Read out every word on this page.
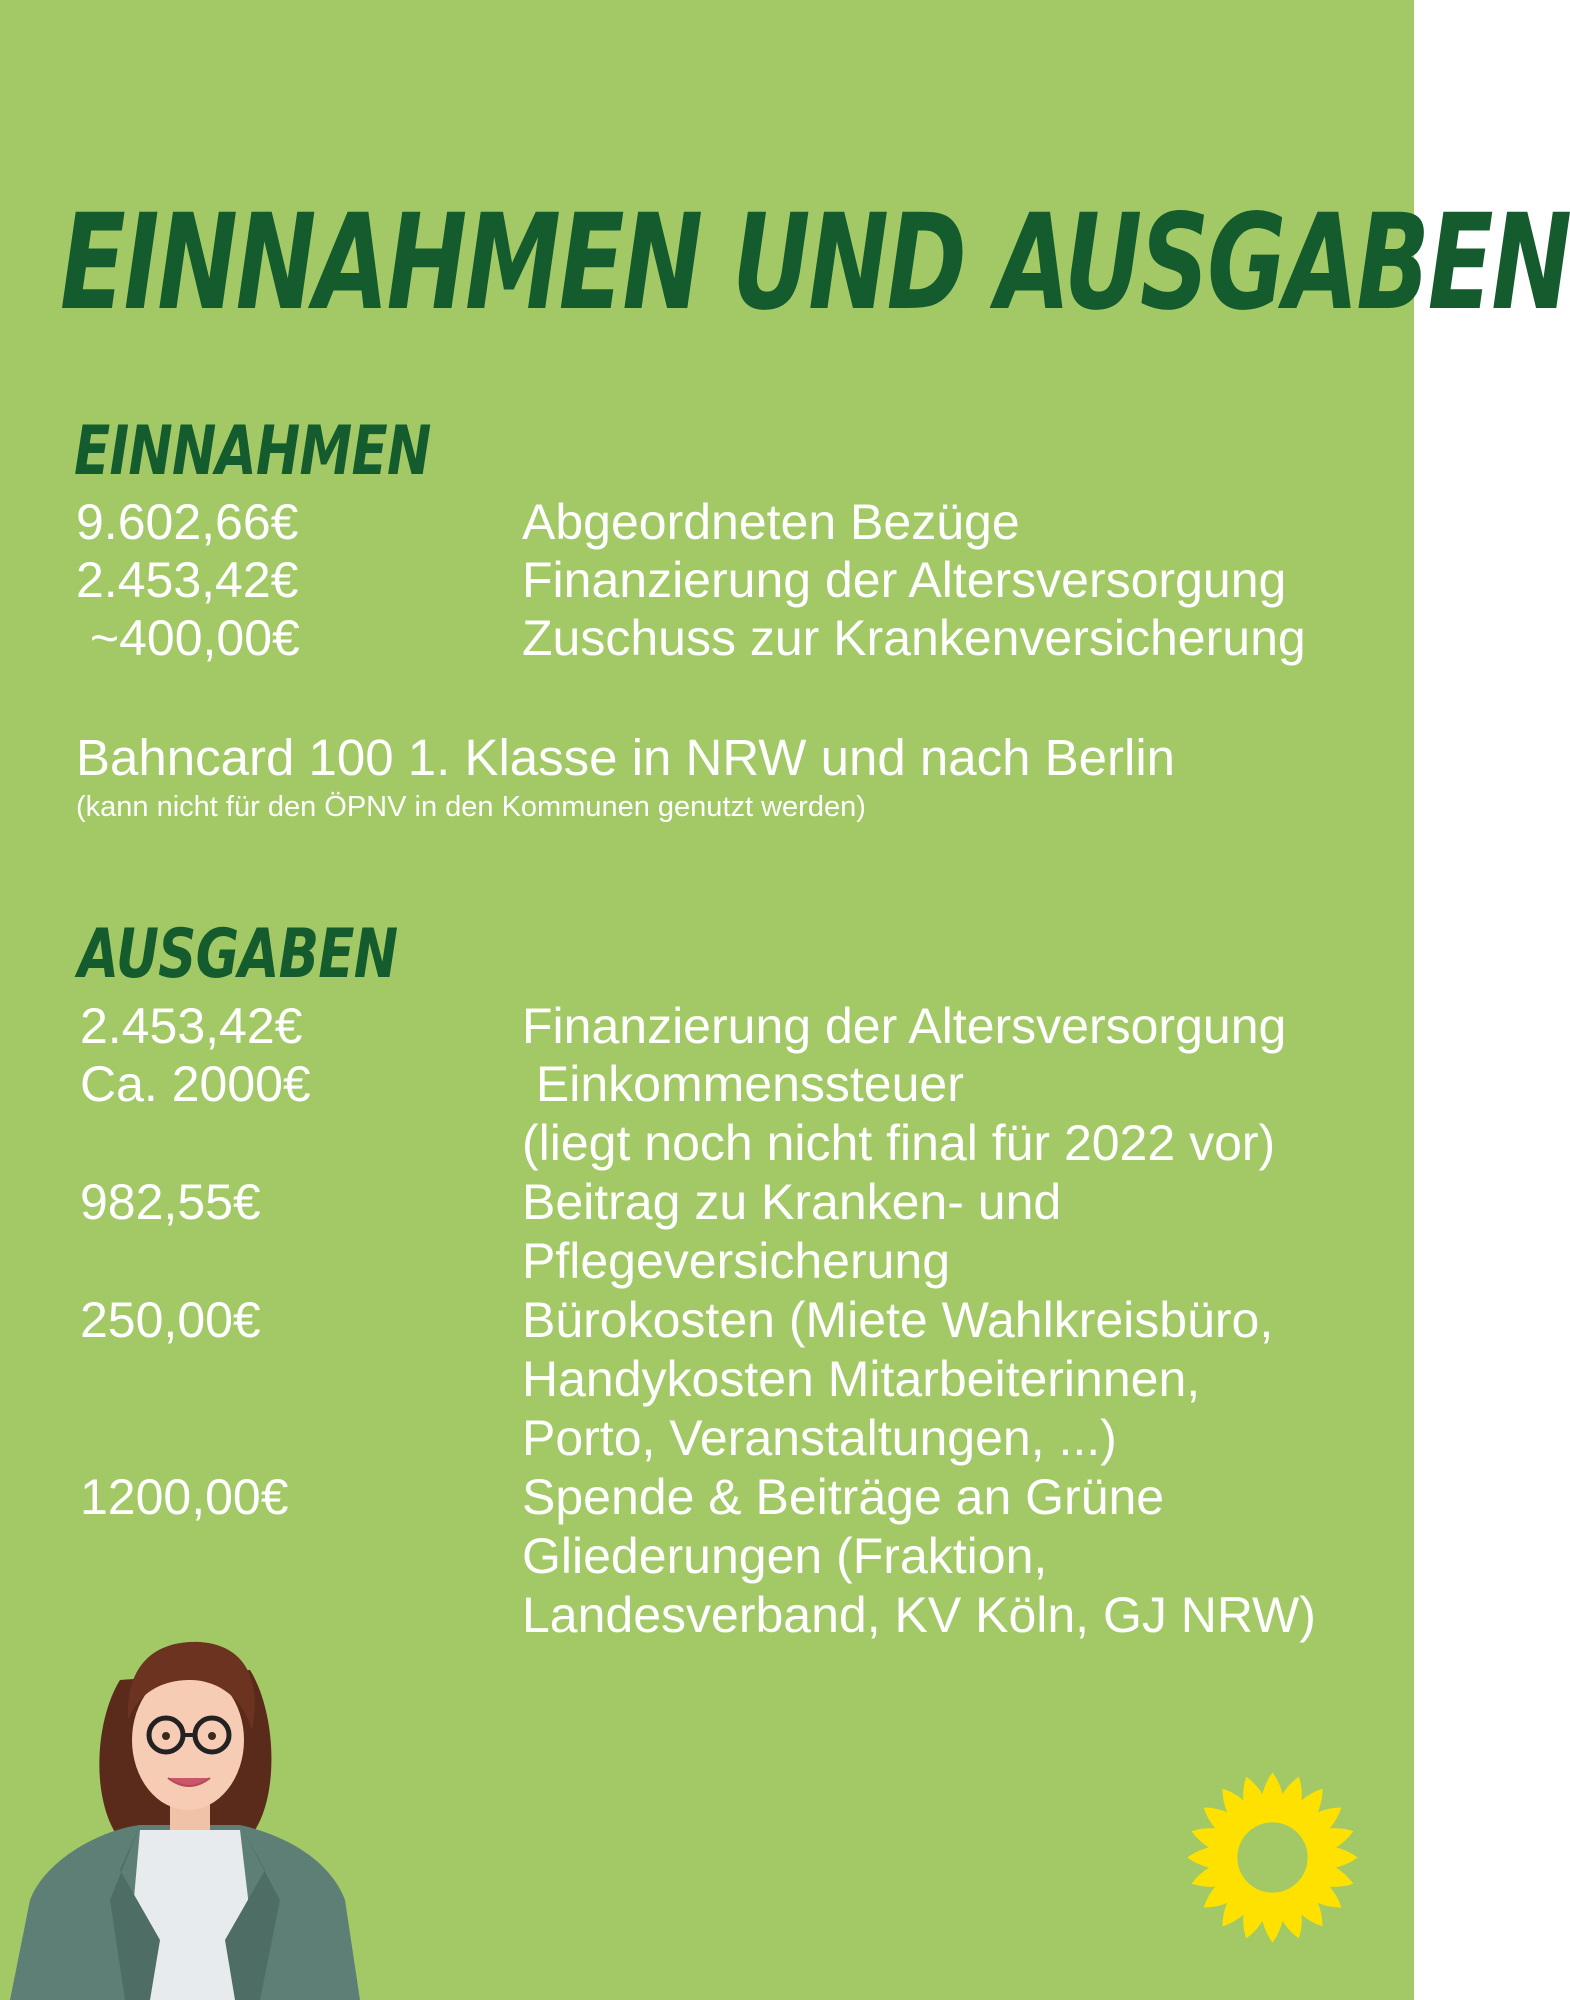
EINNAHMEN UND AUSGABEN
EINNAHMEN
9.602,66€	Abgeordneten Bezüge
2.453,42€	Finanzierung der Altersversorgung
~400,00€	Zuschuss zur Krankenversicherung
Bahncard 100 1. Klasse in NRW und nach Berlin
(kann nicht für den ÖPNV in den Kommunen genutzt werden)
AUSGABEN
2.453,42€	Finanzierung der Altersversorgung
Ca. 2000€	Einkommenssteuer
(liegt noch nicht final für 2022 vor)
982,55€	Beitrag zu Kranken- und
Pflegeversicherung
250,00€	Bürokosten (Miete Wahlkreisbüro,
Handykosten Mitarbeiterinnen,
Porto, Veranstaltungen, ...)
1200,00€	Spende & Beiträge an Grüne
Gliederungen (Fraktion,
Landesverband, KV Köln, GJ NRW)
